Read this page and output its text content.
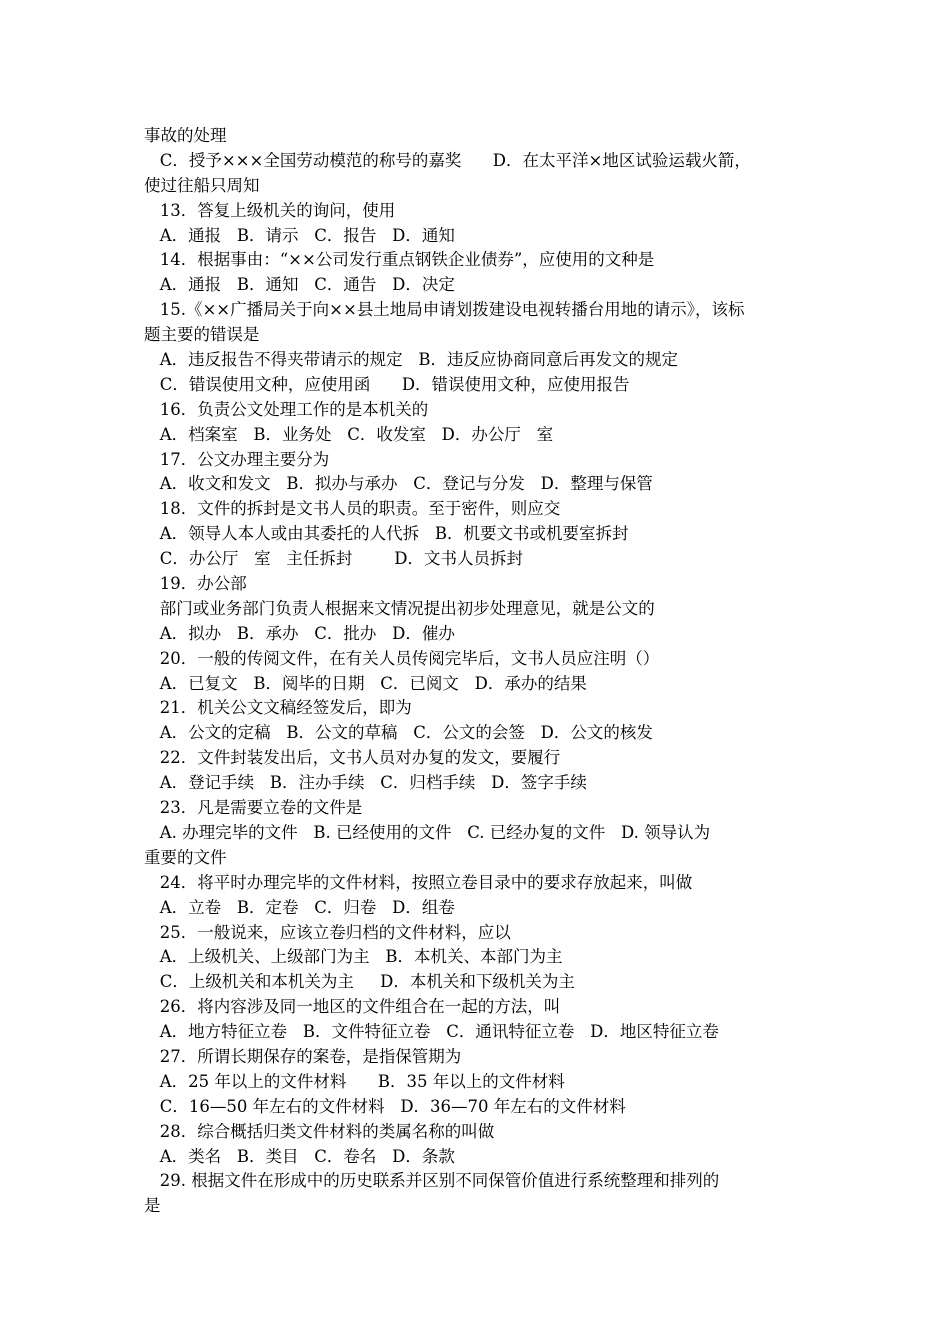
事故的处理
C．授予×××全国劳动模范的称号的嘉奖      D．在太平洋×地区试验运载火箭，
使过往船只周知
13．答复上级机关的询问，使用
A．通报   B．请示   C．报告   D．通知
14．根据事由：“××公司发行重点钢铁企业债券”，应使用的文种是
A．通报   B．通知   C．通告   D．决定
15.《××广播局关于向××县土地局申请划拨建设电视转播台用地的请示》，该标
题主要的错误是
A．违反报告不得夹带请示的规定   B．违反应协商同意后再发文的规定
C．错误使用文种，应使用函      D．错误使用文种，应使用报告
16．负责公文处理工作的是本机关的
A．档案室   B．业务处   C．收发室   D．办公厅   室
17．公文办理主要分为
A．收文和发文   B．拟办与承办   C．登记与分发   D．整理与保管
18．文件的拆封是文书人员的职责。至于密件，则应交
A．领导人本人或由其委托的人代拆   B．机要文书或机要室拆封
C．办公厅   室   主任拆封        D．文书人员拆封
19．办公部
部门或业务部门负责人根据来文情况提出初步处理意见，就是公文的
A．拟办   B．承办   C．批办   D．催办
20．一般的传阅文件，在有关人员传阅完毕后，文书人员应注明（）
A．已复文   B．阅毕的日期   C．已阅文   D．承办的结果
21．机关公文文稿经签发后，即为
A．公文的定稿   B．公文的草稿   C．公文的会签   D．公文的核发
22．文件封装发出后，文书人员对办复的发文，要履行
A．登记手续   B．注办手续   C．归档手续   D．签字手续
23．凡是需要立卷的文件是
A. 办理完毕的文件   B. 已经使用的文件   C. 已经办复的文件   D. 领导认为
重要的文件
24．将平时办理完毕的文件材料，按照立卷目录中的要求存放起来，叫做
A．立卷   B．定卷   C．归卷   D．组卷
25．一般说来，应该立卷归档的文件材料，应以
A．上级机关、上级部门为主   B．本机关、本部门为主
C．上级机关和本机关为主     D．本机关和下级机关为主
26．将内容涉及同一地区的文件组合在一起的方法，叫
A．地方特征立卷   B．文件特征立卷   C．通讯特征立卷   D．地区特征立卷
27．所谓长期保存的案卷，是指保管期为
A．25 年以上的文件材料      B．35 年以上的文件材料
C．16—50 年左右的文件材料   D．36—70 年左右的文件材料
28．综合概括归类文件材料的类属名称的叫做
A．类名   B．类目   C．卷名   D．条款
29. 根据文件在形成中的历史联系并区别不同保管价值进行系统整理和排列的
是
